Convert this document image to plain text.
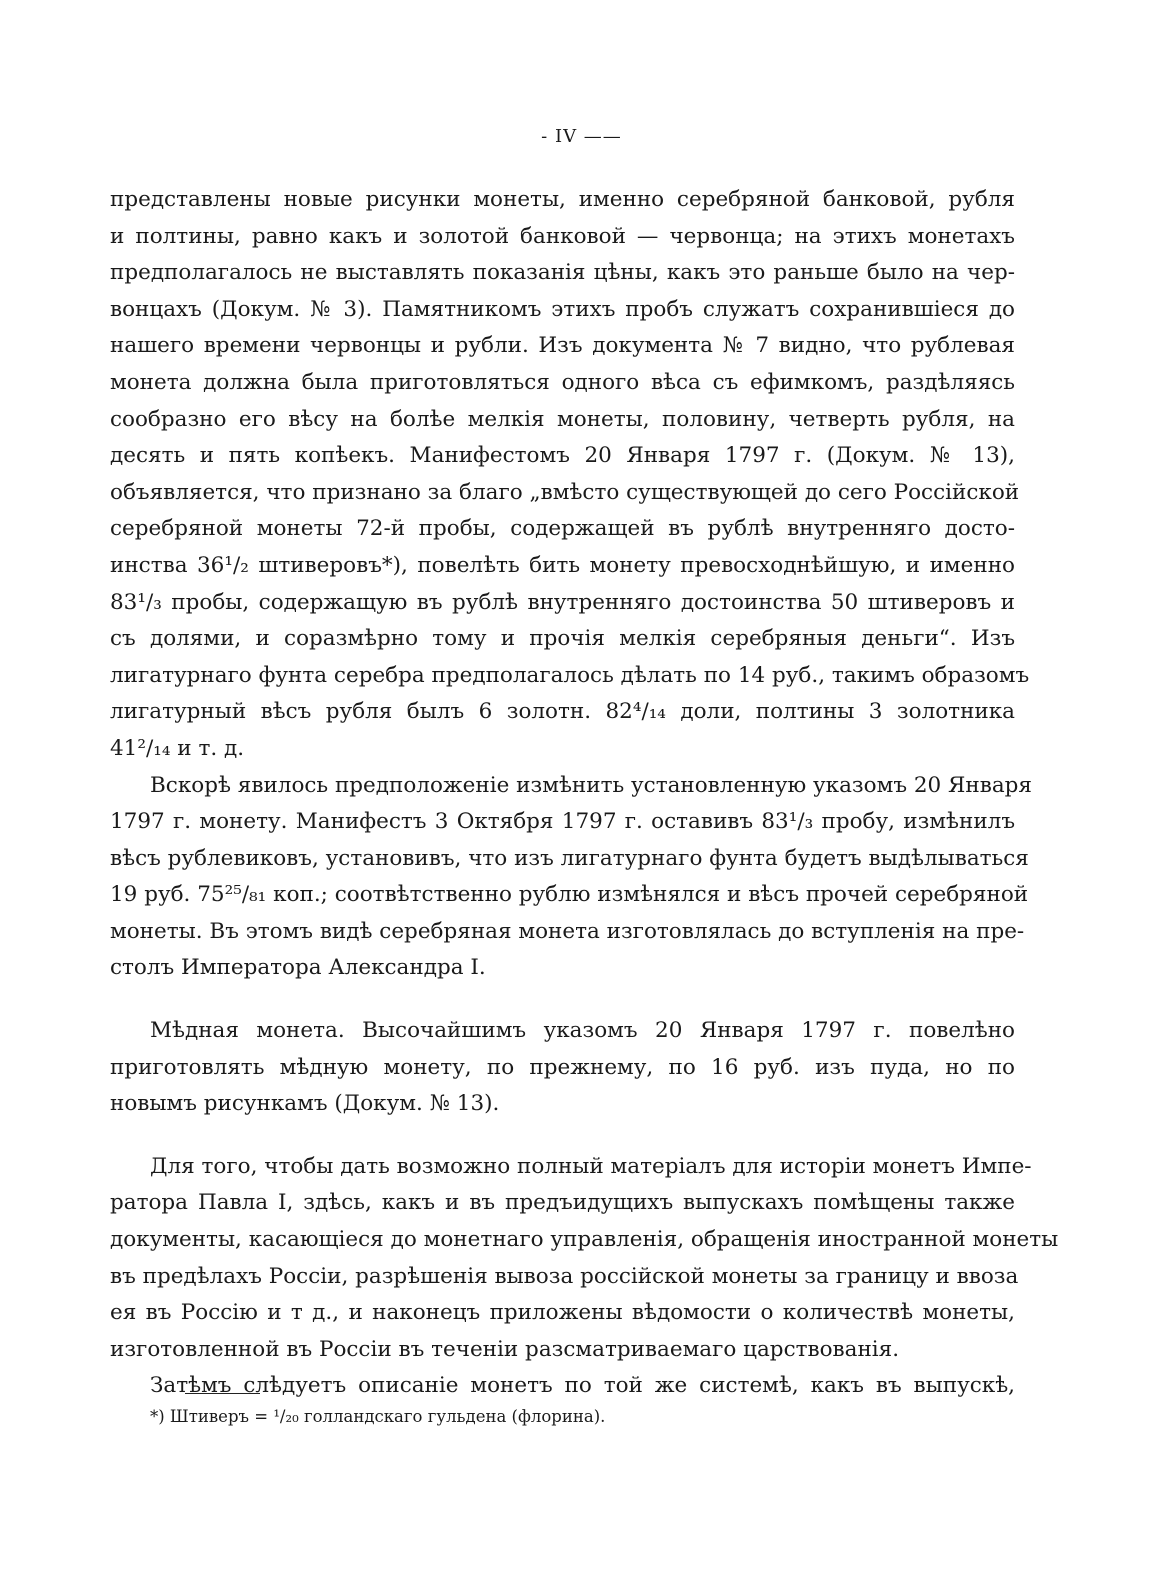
- IV ——
представлены новые рисунки монеты, именно серебряной банковой, рубля
и полтины, равно какъ и золотой банковой — червонца; на этихъ монетахъ
предполагалось не выставлять показанія цѣны, какъ это раньше было на чер-
вонцахъ (Докум. № 3). Памятникомъ этихъ пробъ служатъ сохранившіеся до
нашего времени червонцы и рубли. Изъ документа № 7 видно, что рублевая
монета должна была приготовляться одного вѣса съ ефимкомъ, раздѣляясь
сообразно его вѣсу на болѣе мелкія монеты, половину, четверть рубля, на
десять и пять копѣекъ. Манифестомъ 20 Января 1797 г. (Докум. № 13),
объявляется, что признано за благо „вмѣсто существующей до сего Россійской
серебряной монеты 72-й пробы, содержащей въ рублѣ внутренняго досто-
инства 36¹/₂ штиверовъ*), повелѣть бить монету превосходнѣйшую, и именно
83¹/₃ пробы, содержащую въ рублѣ внутренняго достоинства 50 штиверовъ и
съ долями, и соразмѣрно тому и прочія мелкія серебряныя деньги“. Изъ
лигатурнаго фунта серебра предполагалось дѣлать по 14 руб., такимъ образомъ
лигатурный вѣсъ рубля былъ 6 золотн. 82⁴/₁₄ доли, полтины 3 золотника
41²/₁₄ и т. д.
Вскорѣ явилось предположеніе измѣнить установленную указомъ 20 Января
1797 г. монету. Манифестъ 3 Октября 1797 г. оставивъ 83¹/₃ пробу, измѣнилъ
вѣсъ рублевиковъ, установивъ, что изъ лигатурнаго фунта будетъ выдѣлываться
19 руб. 75²⁵/₈₁ коп.; соотвѣтственно рублю измѣнялся и вѣсъ прочей серебряной
монеты. Въ этомъ видѣ серебряная монета изготовлялась до вступленія на пре-
столъ Императора Александра I.
Мѣдная монета. Высочайшимъ указомъ 20 Января 1797 г. повелѣно
приготовлять мѣдную монету, по прежнему, по 16 руб. изъ пуда, но по
новымъ рисункамъ (Докум. № 13).
Для того, чтобы дать возможно полный матеріалъ для исторіи монетъ Импе-
ратора Павла I, здѣсь, какъ и въ предъидущихъ выпускахъ помѣщены также
документы, касающіеся до монетнаго управленія, обращенія иностранной монеты
въ предѣлахъ Россіи, разрѣшенія вывоза россійской монеты за границу и ввоза
ея въ Россію и т д., и наконецъ приложены вѣдомости о количествѣ монеты,
изготовленной въ Россіи въ теченіи разсматриваемаго царствованія.
Затѣмъ слѣдуетъ описаніе монетъ по той же системѣ, какъ въ выпускѣ,
*) Штиверъ = ¹/₂₀ голландскаго гульдена (флорина).
